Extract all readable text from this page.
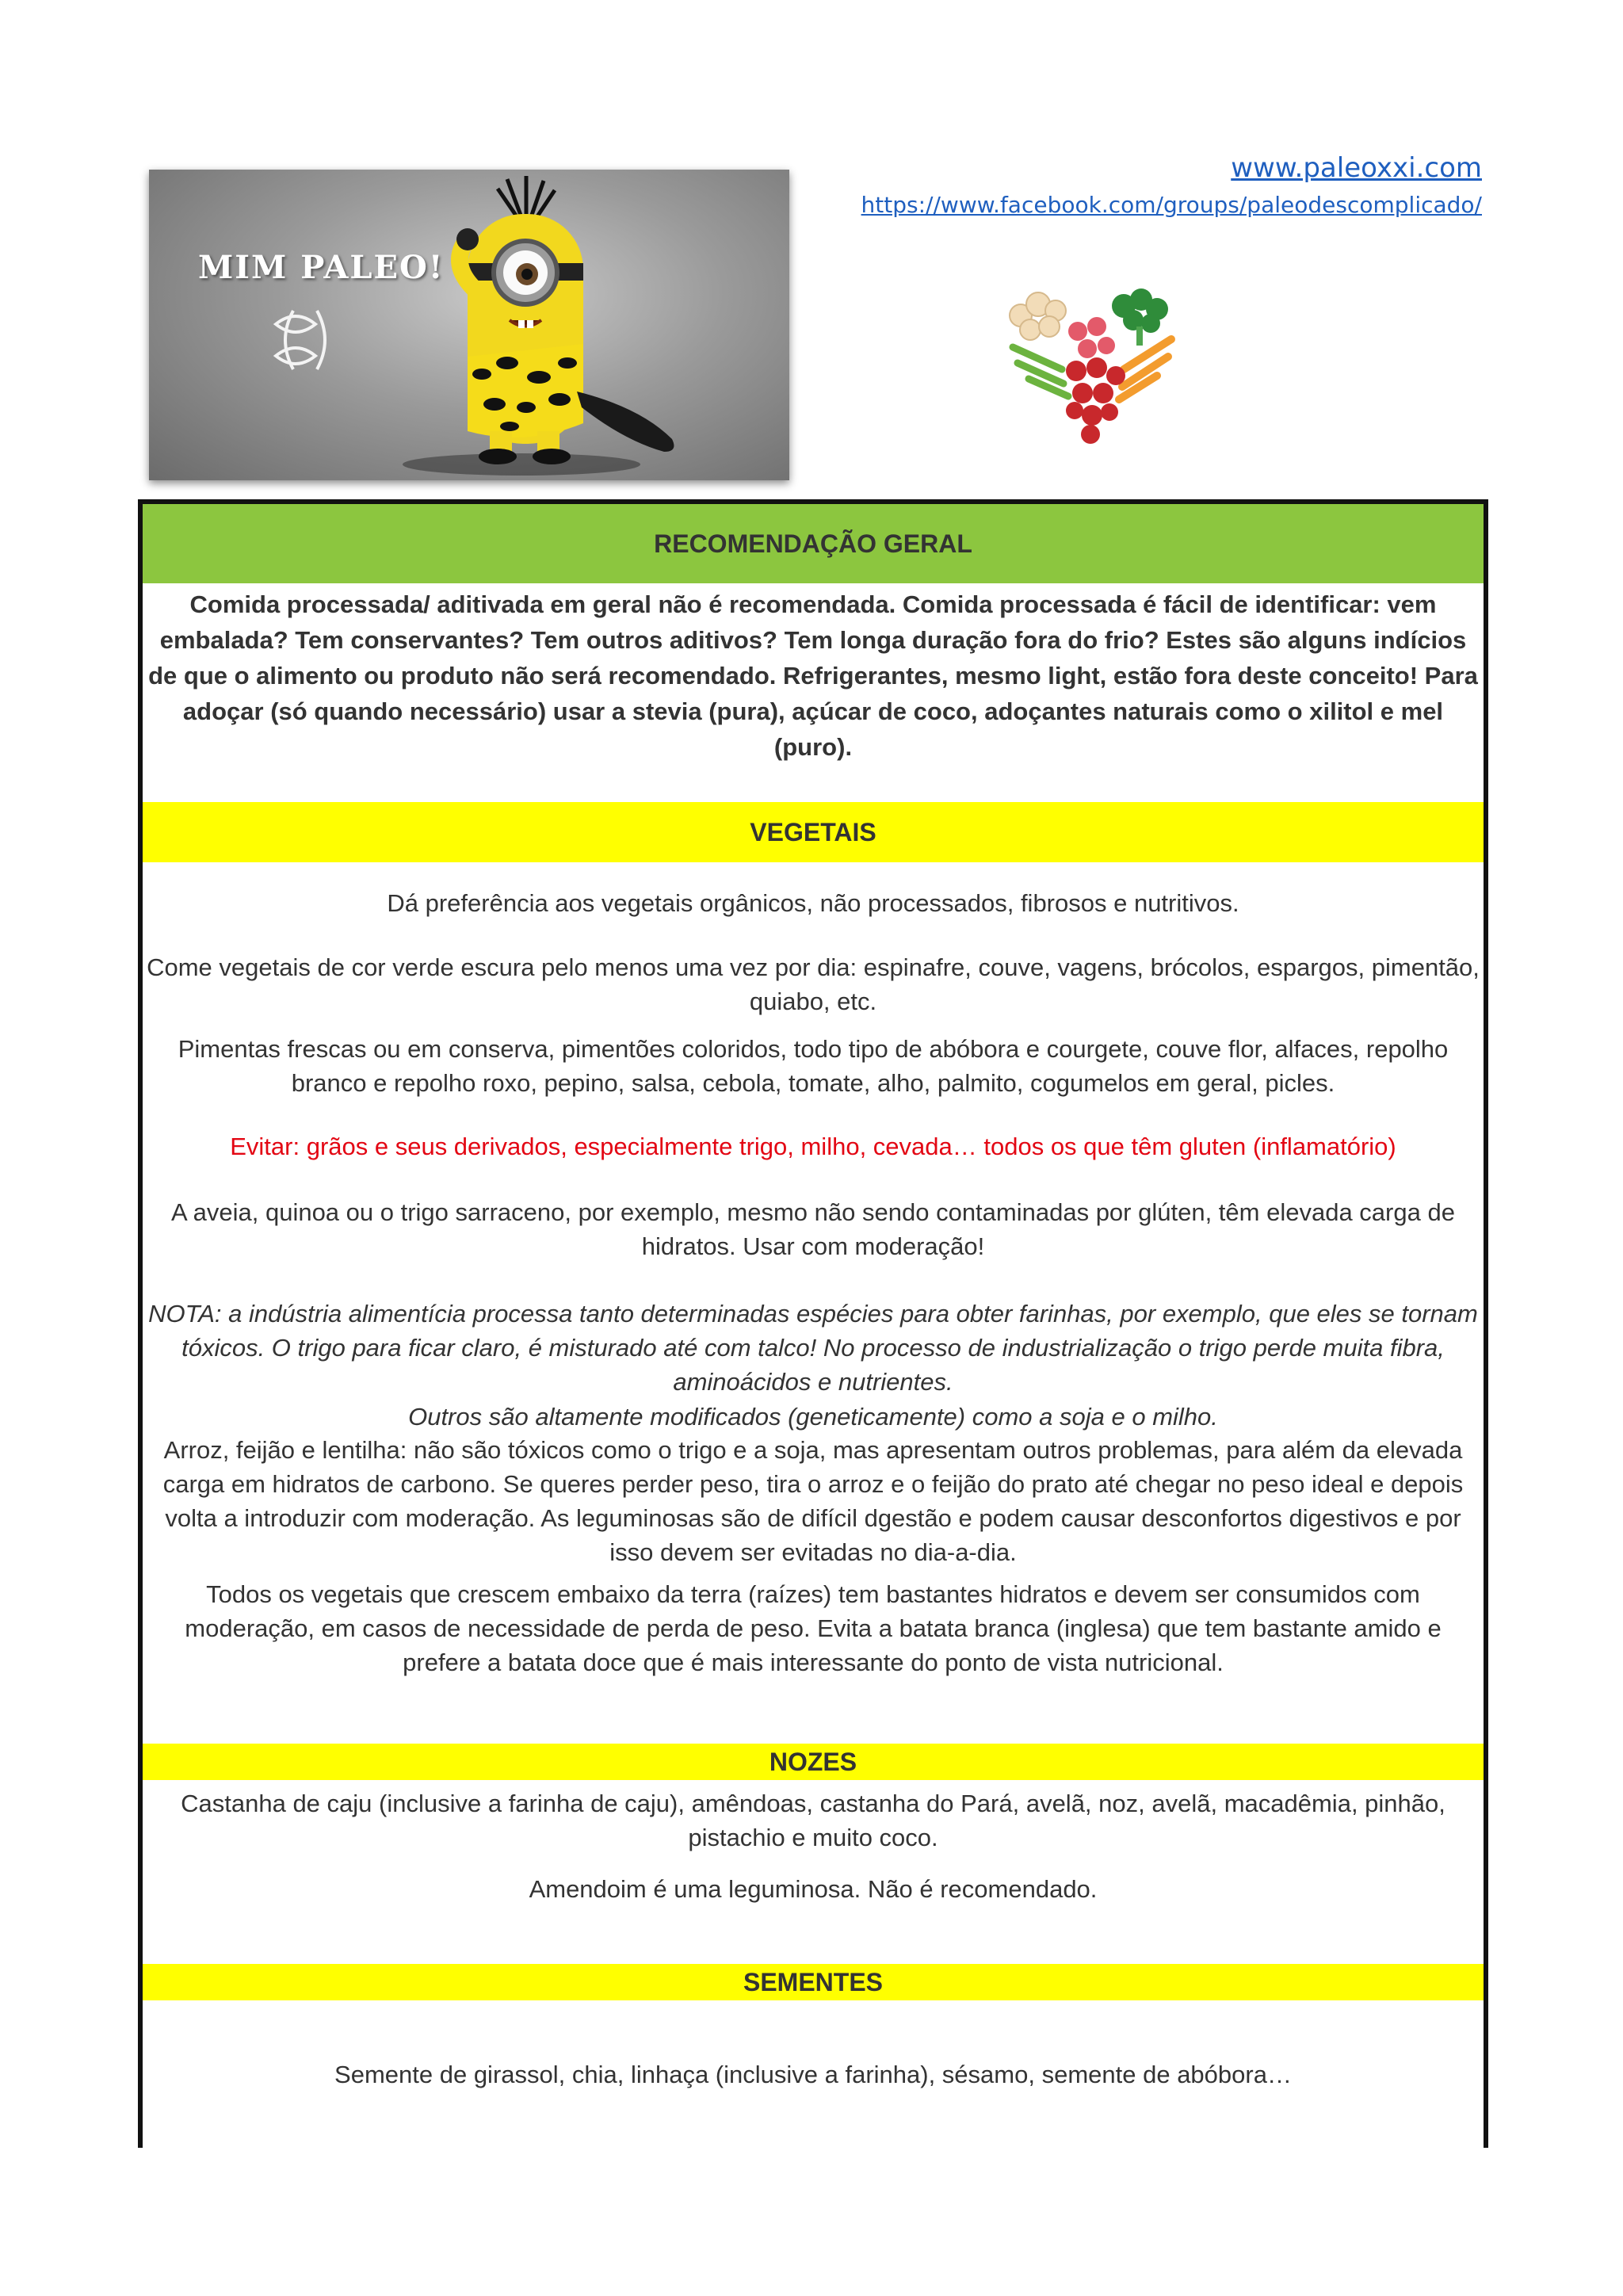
www.paleoxxi.com
https://www.facebook.com/groups/paleodescomplicado/
MIM PALEO!
RECOMENDAÇÃO GERAL
Comida processada/ aditivada em geral não é recomendada. Comida processada é fácil de identificar: vem embalada? Tem conservantes? Tem outros aditivos? Tem longa duração fora do frio? Estes são alguns indícios de que o alimento ou produto não será recomendado. Refrigerantes, mesmo light, estão fora deste conceito! Para adoçar (só quando necessário) usar a stevia (pura), açúcar de coco, adoçantes naturais como o xilitol e mel (puro).
VEGETAIS
Dá preferência aos vegetais orgânicos, não processados, fibrosos e nutritivos.
Come vegetais de cor verde escura pelo menos uma vez por dia: espinafre, couve, vagens, brócolos, espargos, pimentão, quiabo, etc.
Pimentas frescas ou em conserva, pimentões coloridos, todo tipo de abóbora e courgete, couve flor, alfaces, repolho branco e repolho roxo, pepino, salsa, cebola, tomate, alho, palmito, cogumelos em geral, picles.
Evitar: grãos e seus derivados, especialmente trigo, milho, cevada… todos os que têm gluten (inflamatório)
A aveia, quinoa ou o trigo sarraceno, por exemplo, mesmo não sendo contaminadas por glúten, têm elevada carga de hidratos. Usar com moderação!
NOTA: a indústria alimentícia processa tanto determinadas espécies para obter farinhas, por exemplo, que eles se tornam tóxicos. O trigo para ficar claro, é misturado até com talco! No processo de industrialização o trigo perde muita fibra, aminoácidos e nutrientes.
Outros são altamente modificados (geneticamente) como a soja e o milho.
Arroz, feijão e lentilha: não são tóxicos como o trigo e a soja, mas apresentam outros problemas, para além da elevada carga em hidratos de carbono. Se queres perder peso, tira o arroz e o feijão do prato até chegar no peso ideal e depois volta a introduzir com moderação. As leguminosas são de difícil dgestão e podem causar desconfortos digestivos e por isso devem ser evitadas no dia-a-dia.
Todos os vegetais que crescem embaixo da terra (raízes) tem bastantes hidratos e devem ser consumidos com moderação, em casos de necessidade de perda de peso. Evita a batata branca (inglesa) que tem bastante amido e prefere a batata doce que é mais interessante do ponto de vista nutricional.
NOZES
Castanha de caju (inclusive a farinha de caju), amêndoas, castanha do Pará, avelã, noz, avelã, macadêmia, pinhão, pistachio e muito coco.
Amendoim é uma leguminosa. Não é recomendado.
SEMENTES
Semente de girassol, chia, linhaça (inclusive a farinha), sésamo, semente de abóbora…
